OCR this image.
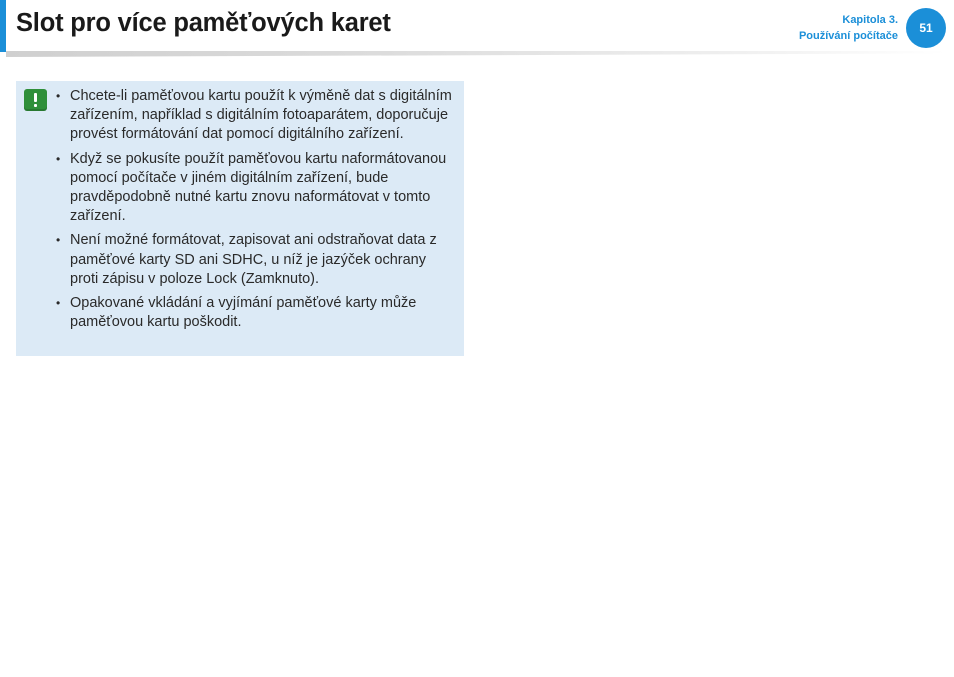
Slot pro více paměťových karet	Kapitola 3.
Používání počítače
51
• Chcete-li paměťovou kartu použít k výměně dat s digitálním zařízením, například s digitálním fotoaparátem, doporučuje provést formátování dat pomocí digitálního zařízení.
• Když se pokusíte použít paměťovou kartu naformátovanou pomocí počítače v jiném digitálním zařízení, bude pravděpodobně nutné kartu znovu naformátovat v tomto zařízení.
• Není možné formátovat, zapisovat ani odstraňovat data z paměťové karty SD ani SDHC, u níž je jazýček ochrany proti zápisu v poloze Lock (Zamknuto).
• Opakované vkládání a vyjímání paměťové karty může paměťovou kartu poškodit.
